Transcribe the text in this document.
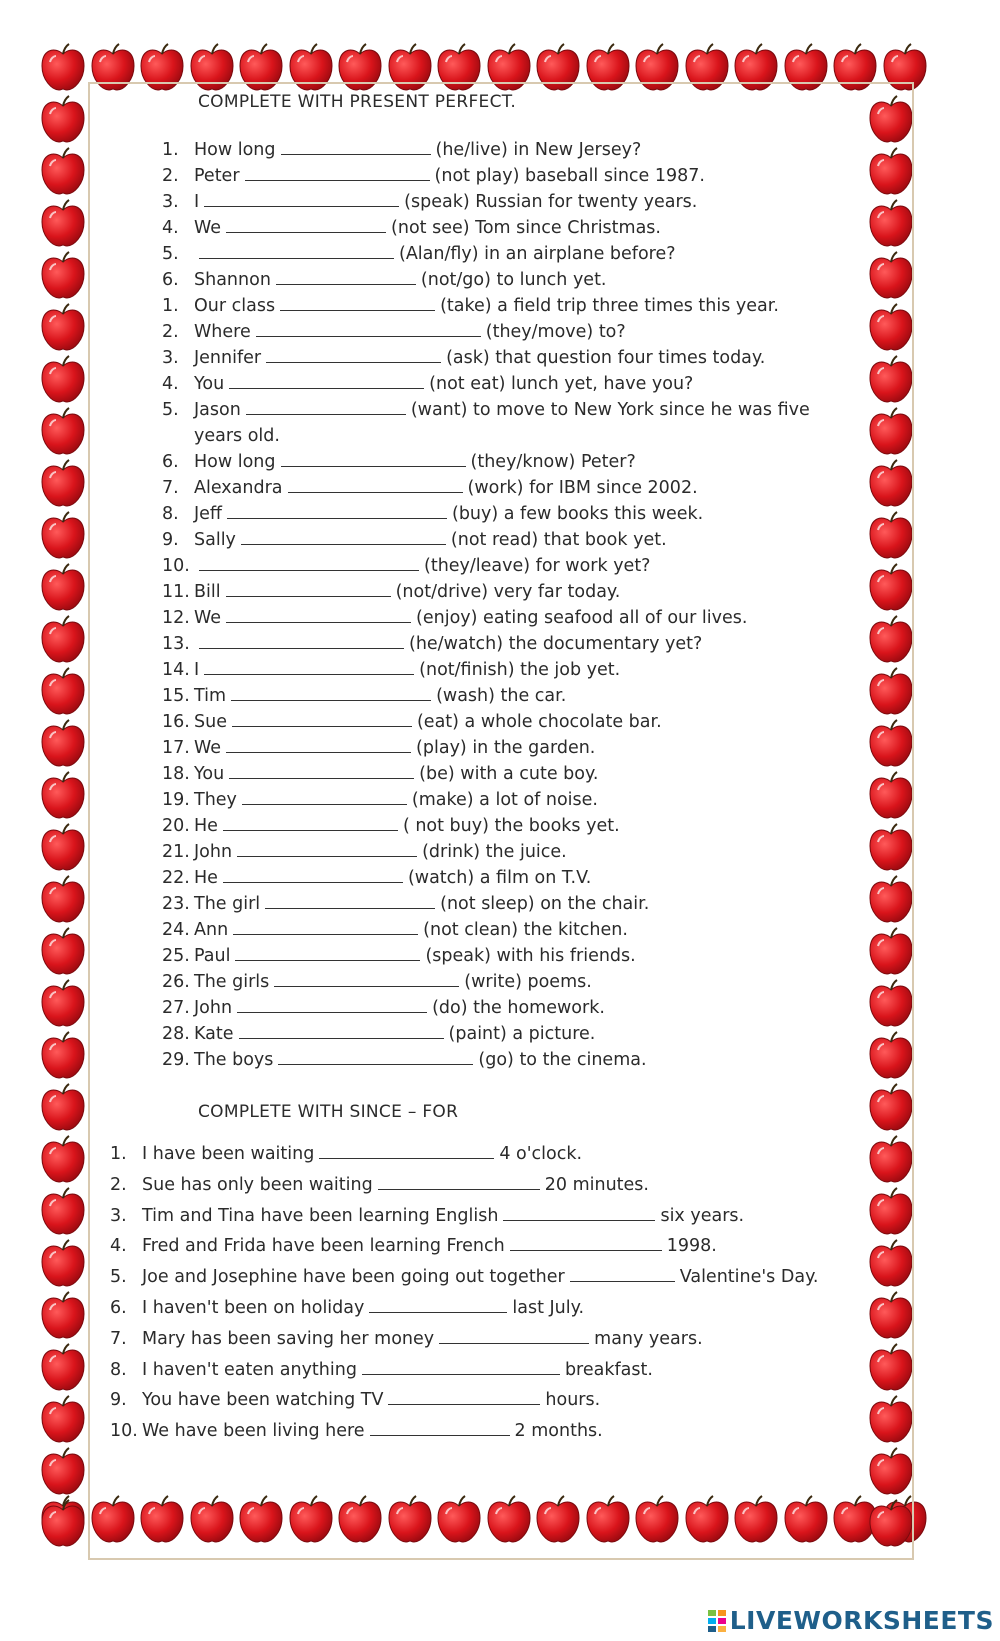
COMPLETE WITH PRESENT PERFECT.
1. How long	(he/live) in New Jersey?
2. Peter	(not play) baseball since 1987.
3. I	(speak) Russian for twenty years.
4. We	(not see) Tom since Christmas.
5.	(Alan/fly) in an airplane before?
6. Shannon	(not/go) to lunch yet.
1. Our class	(take) a field trip three times this year.
2. Where	(they/move) to?
3. Jennifer	(ask) that question four times today.
4. You	(not eat) lunch yet, have you?
5. Jason	(want) to move to New York since he was five
years old.
6. How long	(they/know) Peter?
7. Alexandra	(work) for IBM since 2002.
8. Jeff	(buy) a few books this week.
9. Sally	(not read) that book yet.
10.	(they/leave) for work yet?
11. Bill	(not/drive) very far today.
12. We	(enjoy) eating seafood all of our lives.
13.	(he/watch) the documentary yet?
14. I	(not/finish) the job yet.
15. Tim	(wash) the car.
16. Sue	(eat) a whole chocolate bar.
17. We	(play) in the garden.
18. You	(be) with a cute boy.
19. They	(make) a lot of noise.
20. He	( not buy) the books yet.
21. John	(drink) the juice.
22. He	(watch) a film on T.V.
23. The girl	(not sleep) on the chair.
24. Ann	(not clean) the kitchen.
25. Paul	(speak) with his friends.
26. The girls	(write) poems.
27. John	(do) the homework.
28. Kate	(paint) a picture.
29. The boys	(go) to the cinema.
COMPLETE WITH SINCE – FOR
1. I have been waiting	4 o'clock.
2. Sue has only been waiting	20 minutes.
3. Tim and Tina have been learning English	six years.
4. Fred and Frida have been learning French	1998.
5. Joe and Josephine have been going out together	Valentine's Day.
6. I haven't been on holiday	last July.
7. Mary has been saving her money	many years.
8. I haven't eaten anything	breakfast.
9. You have been watching TV	hours.
10. We have been living here	2 months.
LIVEWORKSHEETS
